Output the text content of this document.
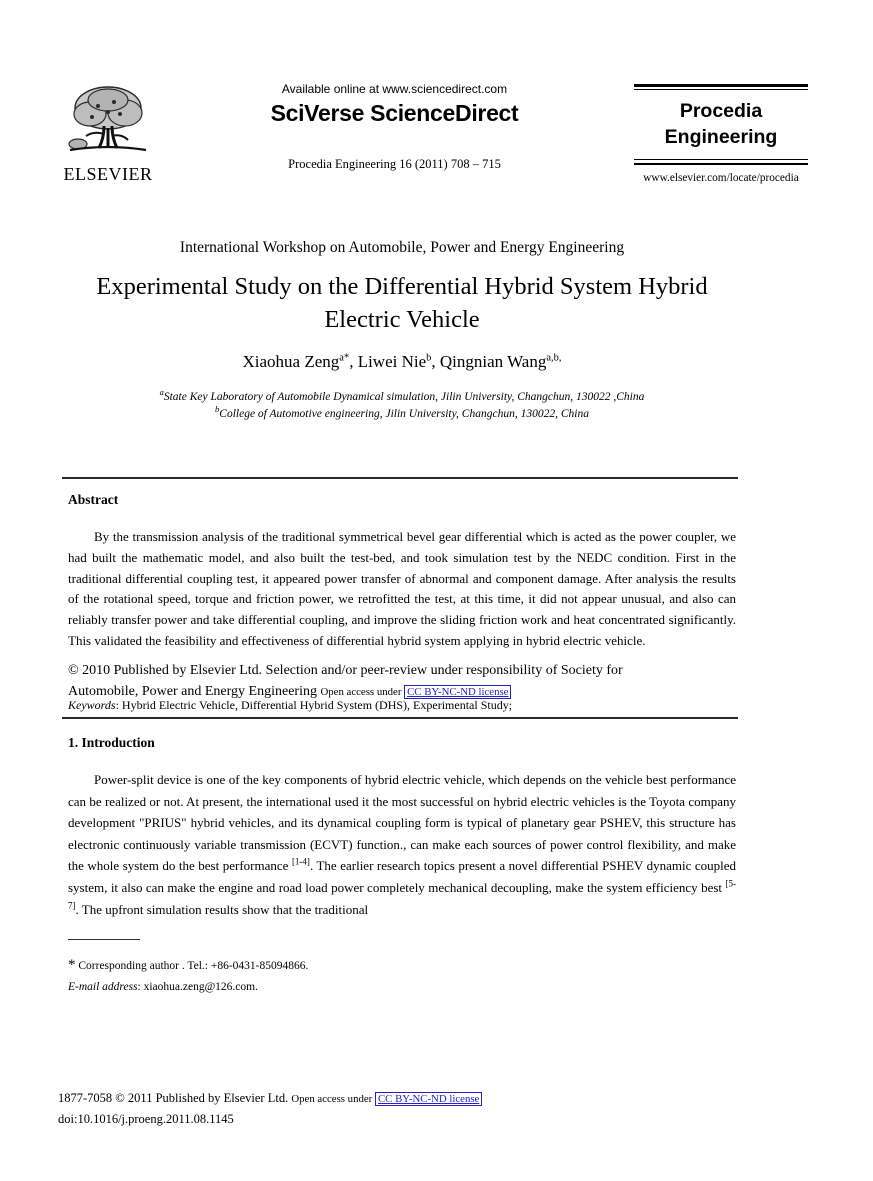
ELSEVIER
Available online at www.sciencedirect.com
SciVerse ScienceDirect
Procedia Engineering 16 (2011) 708 – 715
Procedia
Engineering
www.elsevier.com/locate/procedia
International Workshop on Automobile, Power and Energy Engineering
Experimental Study on the Differential Hybrid System Hybrid
Electric Vehicle
Xiaohua Zeng$^{a*}$, Liwei Nie$^b$, Qingnian Wang$^{a,b,}$
$^a$State Key Laboratory of Automobile Dynamical simulation, Jilin University, Changchun, 130022 ,China
$^b$College of Automotive engineering, Jilin University, Changchun, 130022, China
Abstract
By the transmission analysis of the traditional symmetrical bevel gear differential which is acted as the power coupler, we had built the mathematic model, and also built the test-bed, and took simulation test by the NEDC condition. First in the traditional differential coupling test, it appeared power transfer of abnormal and component damage. After analysis the results of the rotational speed, torque and friction power, we retrofitted the test, at this time, it did not appear unusual, and also can reliably transfer power and take differential coupling, and improve the sliding friction work and heat concentrated significantly. This validated the feasibility and effectiveness of differential hybrid system applying in hybrid electric vehicle.
© 2010 Published by Elsevier Ltd. Selection and/or peer-review under responsibility of Society for
Automobile, Power and Energy Engineering Open access under CC BY-NC-ND license
Keywords: Hybrid Electric Vehicle, Differential Hybrid System (DHS), Experimental Study;
1. Introduction
Power-split device is one of the key components of hybrid electric vehicle, which depends on the vehicle best performance can be realized or not. At present, the international used it the most successful on hybrid electric vehicles is the Toyota company development "PRIUS" hybrid vehicles, and its dynamical coupling form is typical of planetary gear PSHEV, this structure has electronic continuously variable transmission (ECVT) function., can make each sources of power control flexibility, and make the whole system do the best performance [1-4]. The earlier research topics present a novel differential PSHEV dynamic coupled system, it also can make the engine and road load power completely mechanical decoupling, make the system efficiency best [5-7]. The upfront simulation results show that the traditional
* Corresponding author . Tel.: +86-0431-85094866.
E-mail address: xiaohua.zeng@126.com.
1877-7058 © 2011 Published by Elsevier Ltd. Open access under CC BY-NC-ND license
doi:10.1016/j.proeng.2011.08.1145
